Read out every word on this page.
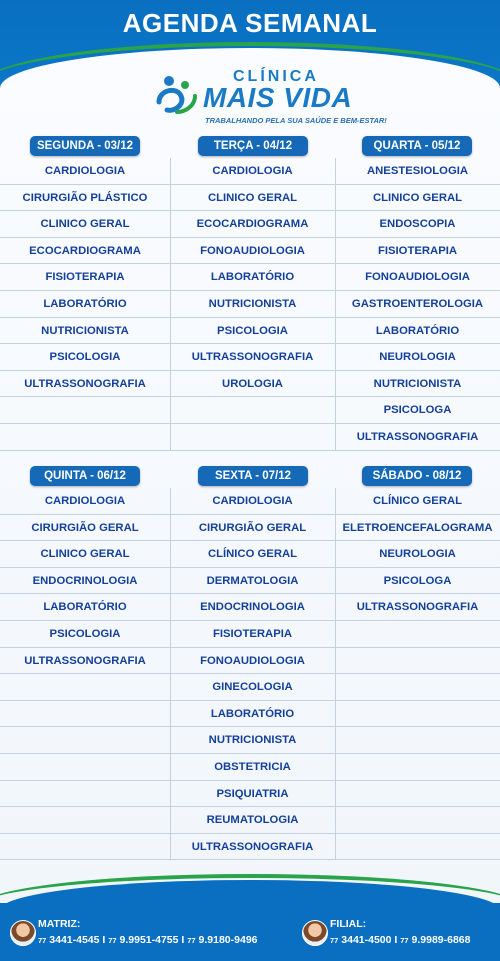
AGENDA SEMANAL
CLÍNICA
MAIS VIDA
TRABALHANDO PELA SUA SAÚDE E BEM-ESTAR!
SEGUNDA - 03/12
CARDIOLOGIA
CIRURGIÃO PLÁSTICO
CLINICO GERAL
ECOCARDIOGRAMA
FISIOTERAPIA
LABORATÓRIO
NUTRICIONISTA
PSICOLOGIA
ULTRASSONOGRAFIA
TERÇA - 04/12
CARDIOLOGIA
CLINICO GERAL
ECOCARDIOGRAMA
FONOAUDIOLOGIA
LABORATÓRIO
NUTRICIONISTA
PSICOLOGIA
ULTRASSONOGRAFIA
UROLOGIA
QUARTA - 05/12
ANESTESIOLOGIA
CLINICO GERAL
ENDOSCOPIA
FISIOTERAPIA
FONOAUDIOLOGIA
GASTROENTEROLOGIA
LABORATÓRIO
NEUROLOGIA
NUTRICIONISTA
PSICOLOGA
ULTRASSONOGRAFIA
QUINTA - 06/12
CARDIOLOGIA
CIRURGIÃO GERAL
CLINICO GERAL
ENDOCRINOLOGIA
LABORATÓRIO
PSICOLOGIA
ULTRASSONOGRAFIA
SEXTA - 07/12
CARDIOLOGIA
CIRURGIÃO GERAL
CLÍNICO GERAL
DERMATOLOGIA
ENDOCRINOLOGIA
FISIOTERAPIA
FONOAUDIOLOGIA
GINECOLOGIA
LABORATÓRIO
NUTRICIONISTA
OBSTETRICIA
PSIQUIATRIA
REUMATOLOGIA
ULTRASSONOGRAFIA
SÁBADO - 08/12
CLÍNICO GERAL
ELETROENCEFALOGRAMA
NEUROLOGIA
PSICOLOGA
ULTRASSONOGRAFIA
MATRIZ:
77 3441-4545 I 77 9.9951-4755 I 77 9.9180-9496
FILIAL:
77 3441-4500 I 77 9.9989-6868
